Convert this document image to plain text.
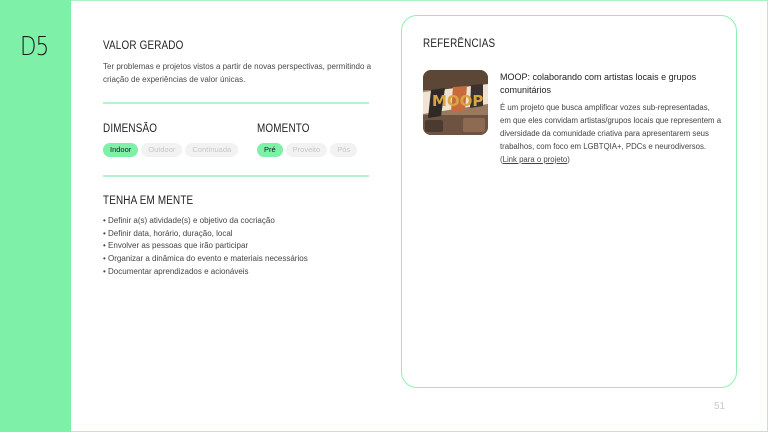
D5	VALOR GERADO
Ter problemas e projetos vistos a partir de novas perspectivas, permitindo a criação de experiências de valor únicas.
DIMENSÃO
Indoor	Outdoor	Contínuada
MOMENTO
Pré	Proveito	Pós
TENHA EM MENTE
• Definir a(s) atividade(s) e objetivo da cocriação
• Definir data, horário, duração, local
• Envolver as pessoas que irão participar
• Organizar a dinâmica do evento e materiais necessários
• Documentar aprendizados e acionáveis
REFERÊNCIAS
MOOP
MOOP: colaborando com artistas locais e grupos comunitários
É um projeto que busca amplificar vozes sub-representadas, em que eles convidam artistas/grupos locais que representem a diversidade da comunidade criativa para apresentarem seus trabalhos, com foco em LGBTQIA+, PDCs e neurodiversos.
(Link para o projeto)
51
